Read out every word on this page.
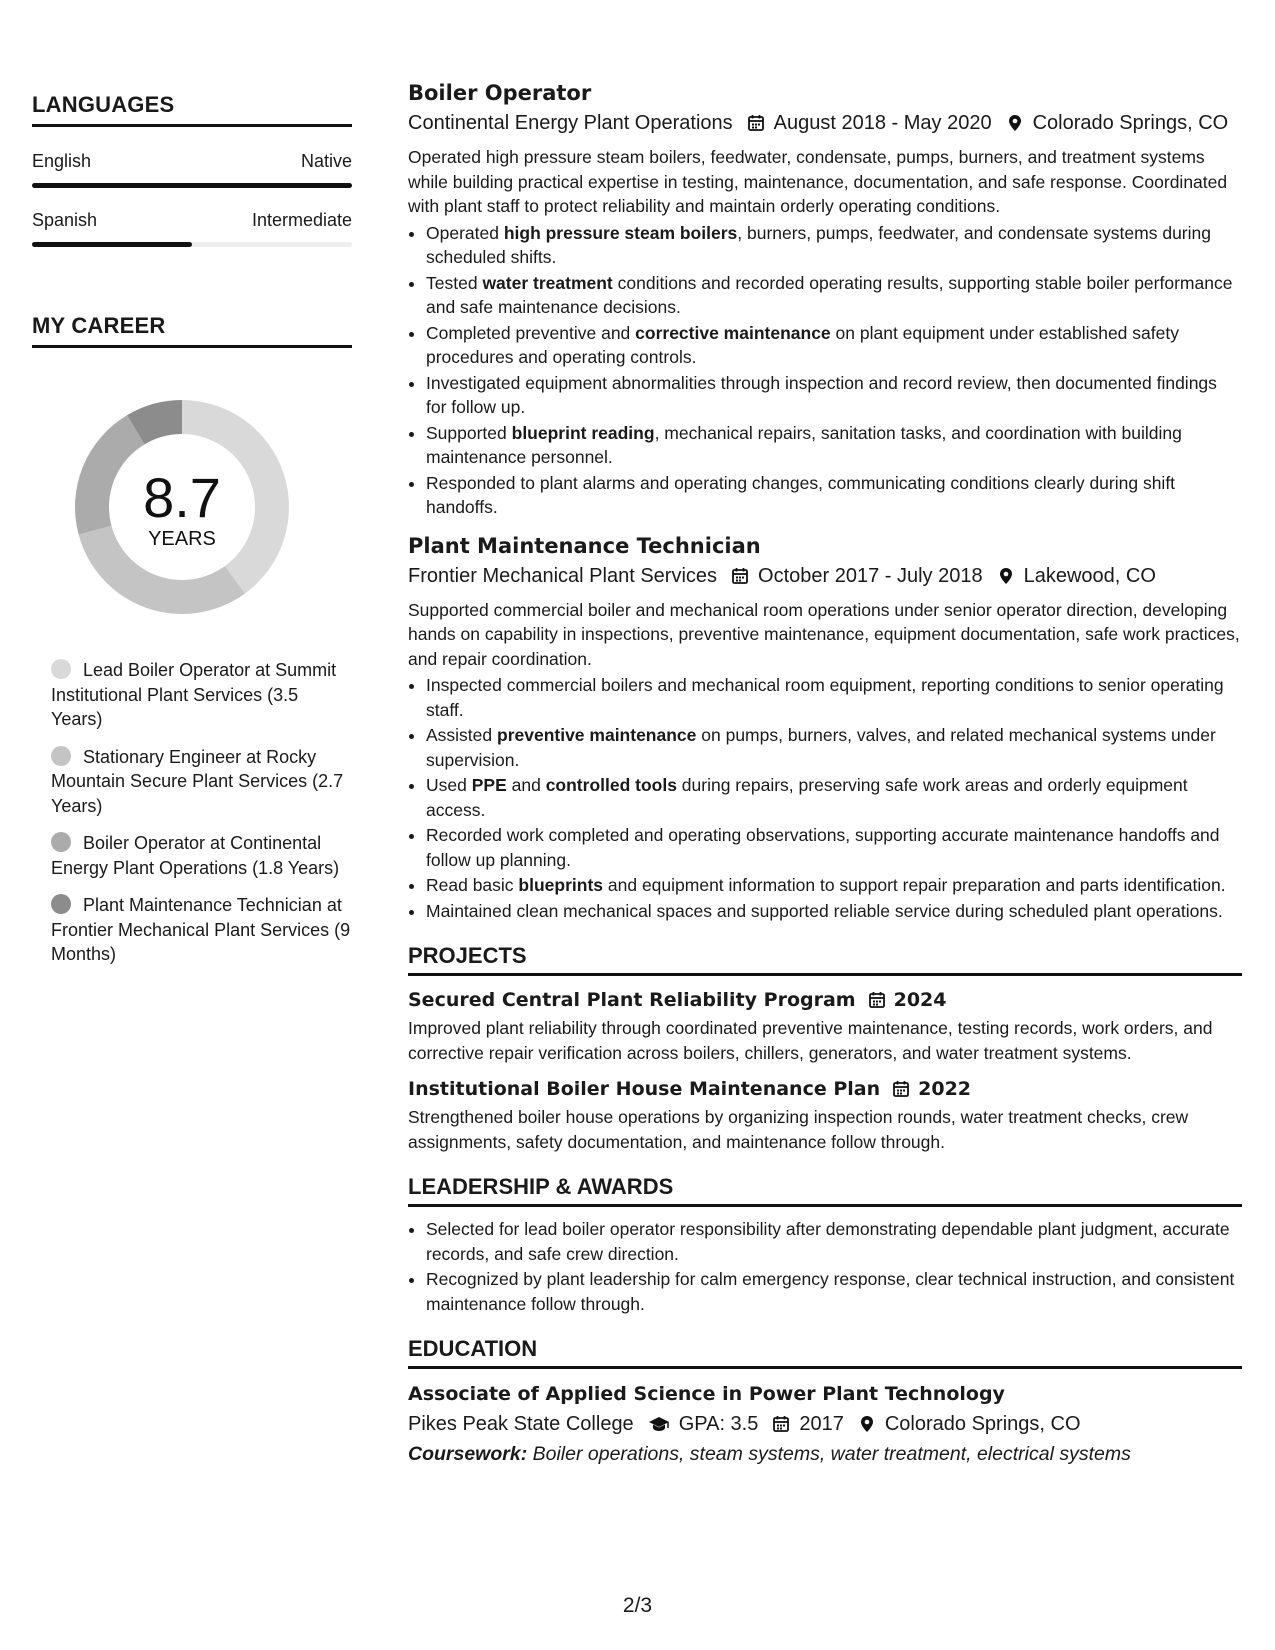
LANGUAGES
English	Native
Spanish	Intermediate
MY CAREER
8.7
YEARS
Lead Boiler Operator at Summit Institutional Plant Services (3.5 Years)
Stationary Engineer at Rocky Mountain Secure Plant Services (2.7 Years)
Boiler Operator at Continental Energy Plant Operations (1.8 Years)
Plant Maintenance Technician at Frontier Mechanical Plant Services (9 Months)
Boiler Operator
Continental Energy Plant Operations August 2018 - May 2020 Colorado Springs, CO

Operated high pressure steam boilers, feedwater, condensate, pumps, burners, and treatment systems while building practical expertise in testing, maintenance, documentation, and safe response. Coordinated with plant staff to protect reliability and maintain orderly operating conditions.

• Operated high pressure steam boilers, burners, pumps, feedwater, and condensate systems during scheduled shifts.
• Tested water treatment conditions and recorded operating results, supporting stable boiler performance and safe maintenance decisions.
• Completed preventive and corrective maintenance on plant equipment under established safety procedures and operating controls.
• Investigated equipment abnormalities through inspection and record review, then documented findings for follow up.
• Supported blueprint reading, mechanical repairs, sanitation tasks, and coordination with building maintenance personnel.
• Responded to plant alarms and operating changes, communicating conditions clearly during shift handoffs.
Plant Maintenance Technician
Frontier Mechanical Plant Services October 2017 - July 2018 Lakewood, CO

Supported commercial boiler and mechanical room operations under senior operator direction, developing hands on capability in inspections, preventive maintenance, equipment documentation, safe work practices, and repair coordination.

• Inspected commercial boilers and mechanical room equipment, reporting conditions to senior operating staff.
• Assisted preventive maintenance on pumps, burners, valves, and related mechanical systems under supervision.
• Used PPE and controlled tools during repairs, preserving safe work areas and orderly equipment access.
• Recorded work completed and operating observations, supporting accurate maintenance handoffs and follow up planning.
• Read basic blueprints and equipment information to support repair preparation and parts identification.
• Maintained clean mechanical spaces and supported reliable service during scheduled plant operations.
PROJECTS
Secured Central Plant Reliability Program 2024

Improved plant reliability through coordinated preventive maintenance, testing records, work orders, and corrective repair verification across boilers, chillers, generators, and water treatment systems.

Institutional Boiler House Maintenance Plan 2022

Strengthened boiler house operations by organizing inspection rounds, water treatment checks, crew assignments, safety documentation, and maintenance follow through.

LEADERSHIP & AWARDS
• Selected for lead boiler operator responsibility after demonstrating dependable plant judgment, accurate records, and safe crew direction.
• Recognized by plant leadership for calm emergency response, clear technical instruction, and consistent maintenance follow through.
EDUCATION
Associate of Applied Science in Power Plant Technology
Pikes Peak State College GPA: 3.5 2017 Colorado Springs, CO
Coursework: Boiler operations, steam systems, water treatment, electrical systems
2/3
